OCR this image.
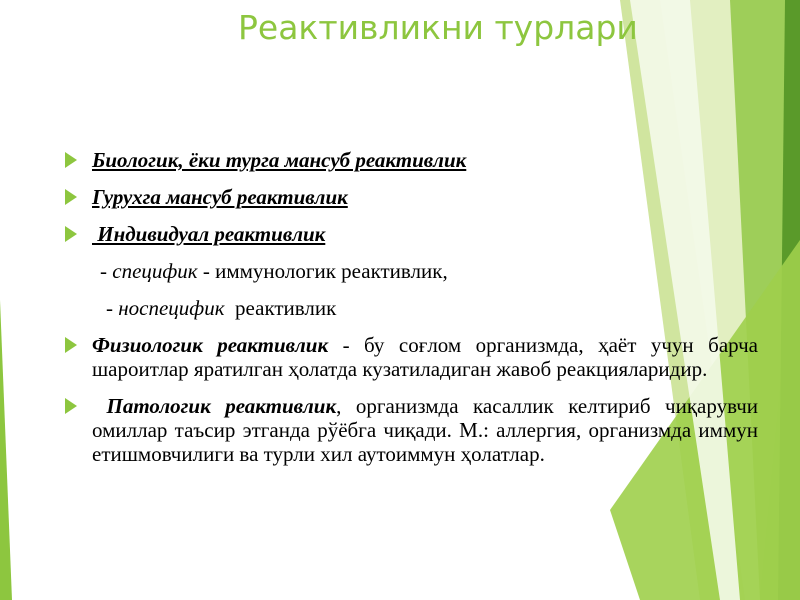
Реактивликни турлари
Биологик, ёки турга мансуб реактивлик
Гурухга мансуб реактивлик
Индивидуал реактивлик
- специфик - иммунологик реактивлик,
- носпецифик  реактивлик
Физиологик реактивлик - бу соғлом организмда, ҳаёт учун барча шароитлар яратилган ҳолатда кузатиладиган жавоб реакцияларидир.
Патологик реактивлик, организмда касаллик келтириб чиқарувчи омиллар таъсир этганда рўёбга чиқади. М.: аллергия, организмда иммун етишмовчилиги ва турли хил аутоиммун ҳолатлар.
